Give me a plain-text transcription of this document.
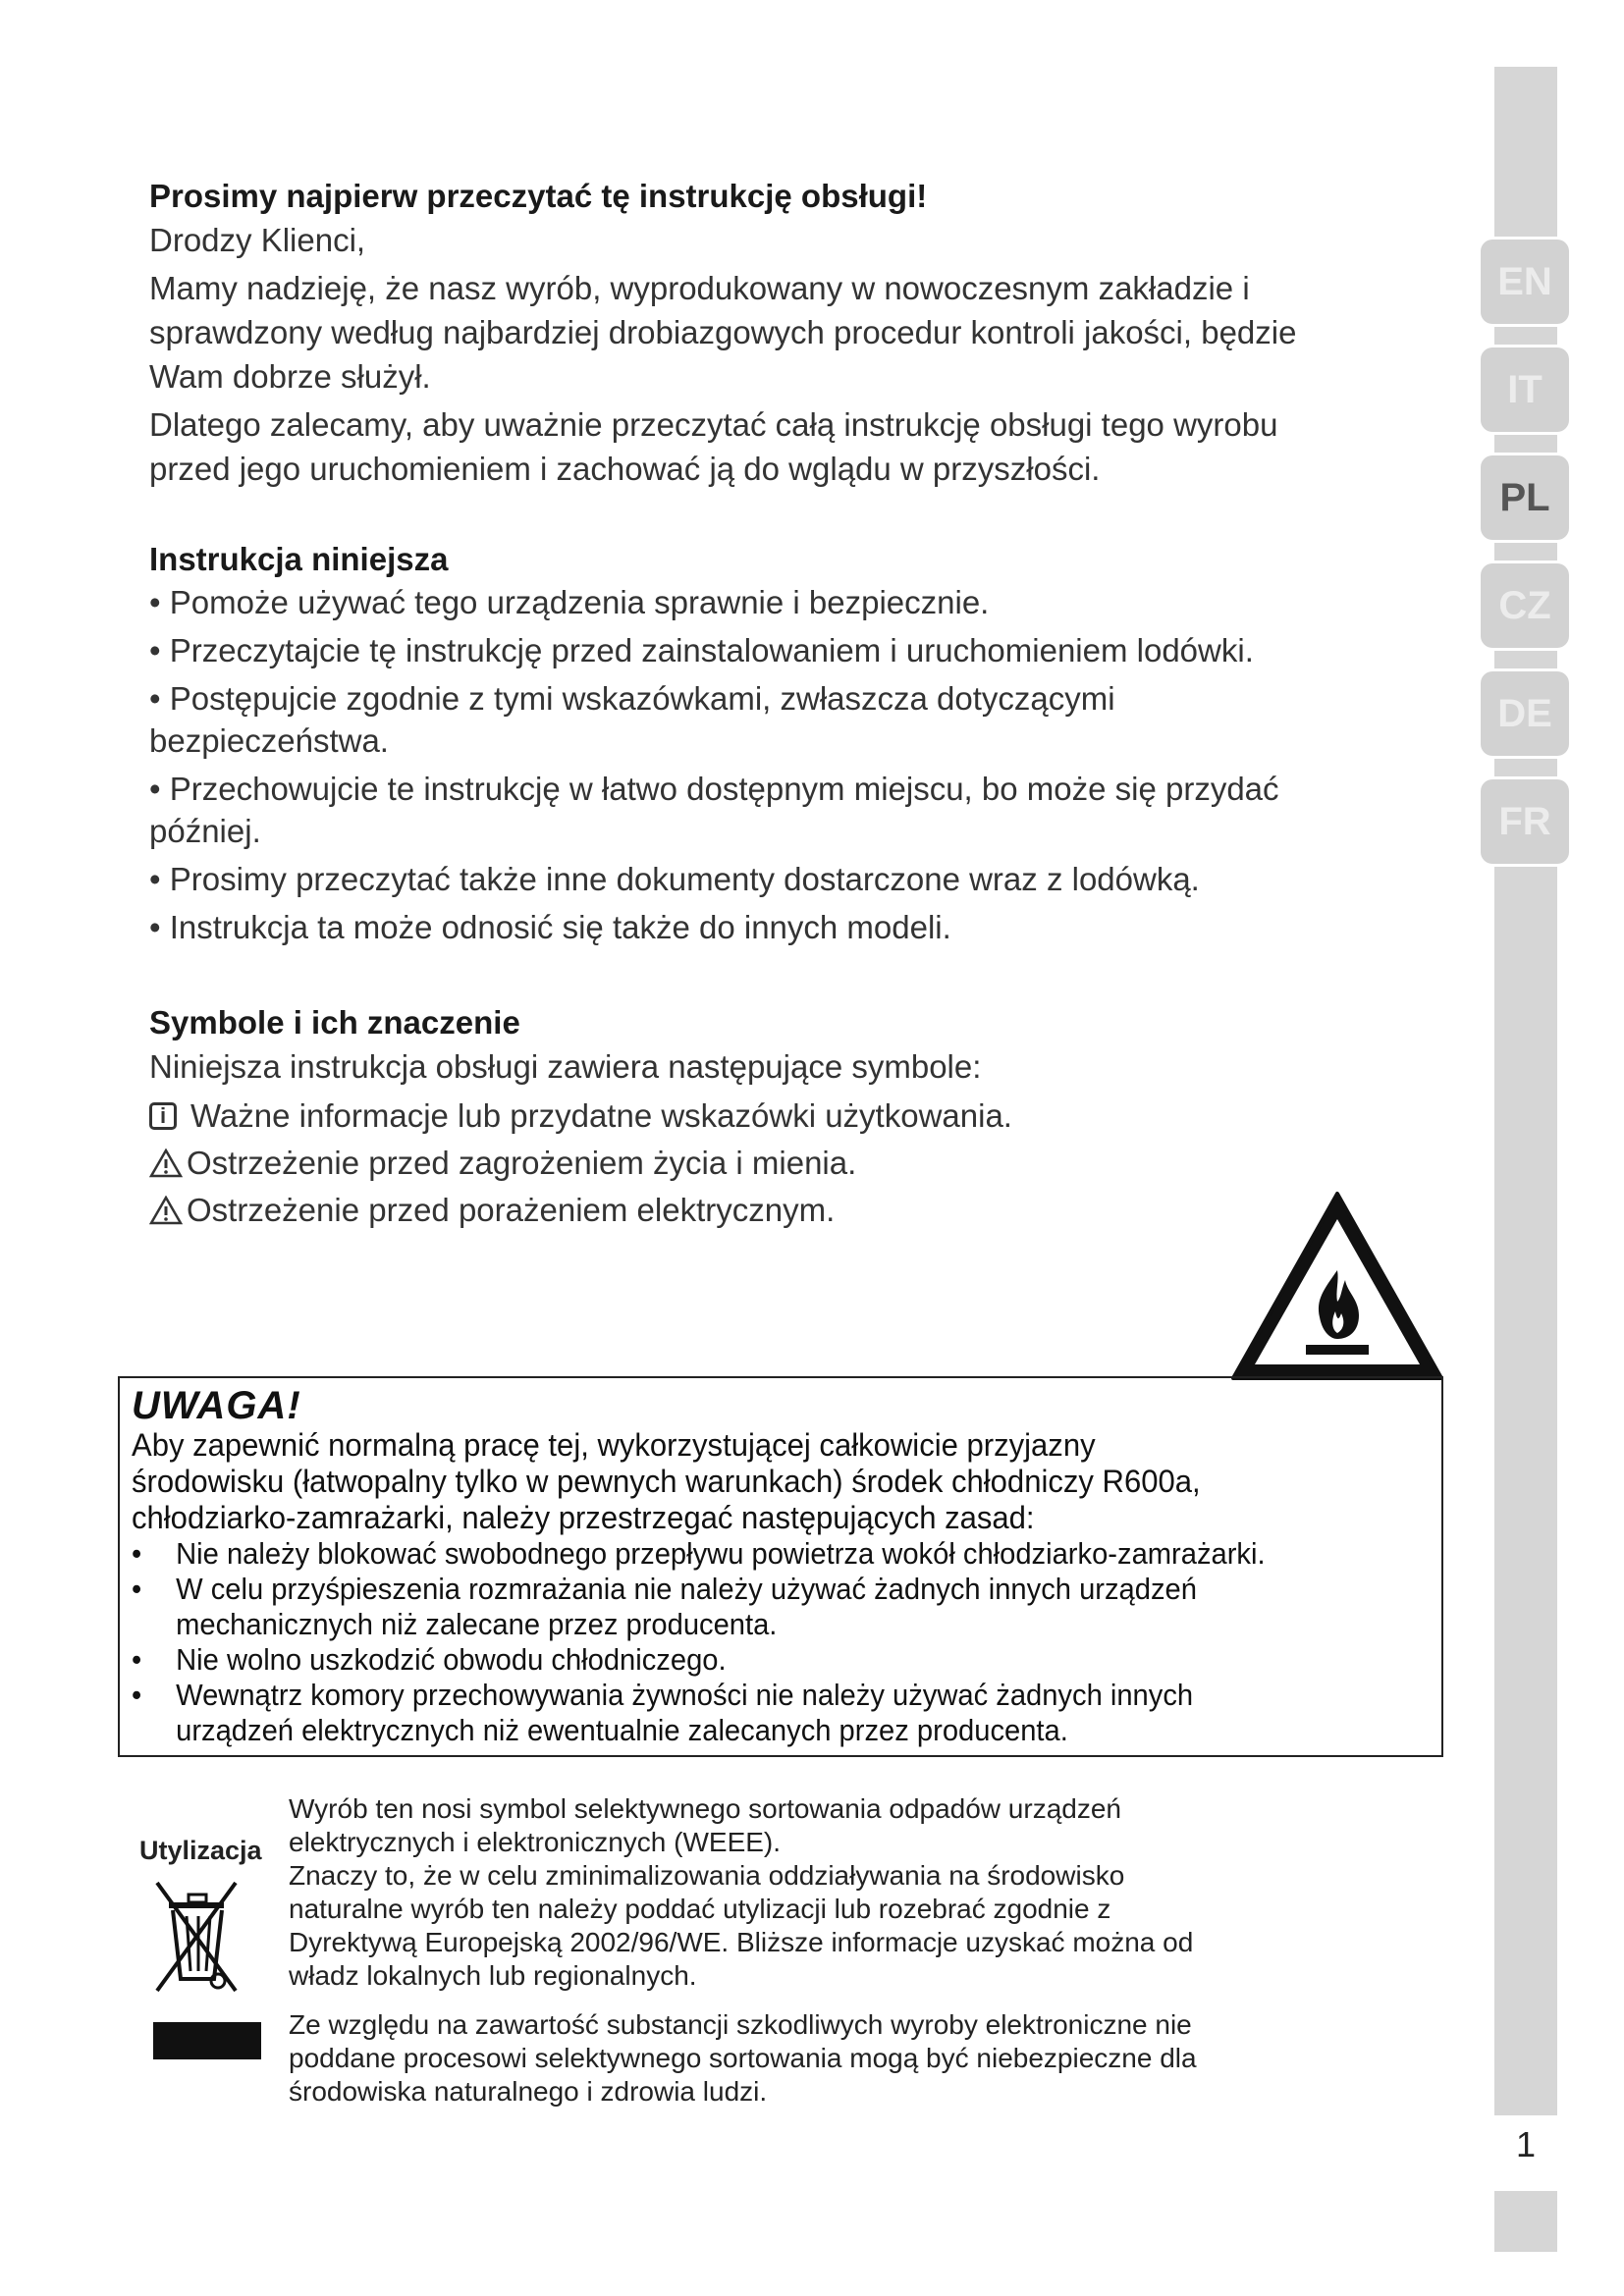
EN
IT
PL
CZ
DE
FR
1
Prosimy najpierw przeczytać tę instrukcję obsługi!

Drodzy Klienci,

Mamy nadzieję, że nasz wyrób, wyprodukowany w nowoczesnym zakładzie i

sprawdzony według najbardziej drobiazgowych procedur kontroli jakości, będzie

Wam dobrze służył.

Dlatego zalecamy, aby uważnie przeczytać całą instrukcję obsługi tego wyrobu

przed jego uruchomieniem i zachować ją do wglądu w przyszłości.

Instrukcja niniejsza
• Pomoże używać tego urządzenia sprawnie i bezpiecznie.
• Przeczytajcie tę instrukcję przed zainstalowaniem i uruchomieniem lodówki.
• Postępujcie zgodnie z tymi wskazówkami, zwłaszcza dotyczącymi
bezpieczeństwa.
• Przechowujcie te instrukcję w łatwo dostępnym miejscu, bo może się przydać
później.
• Prosimy przeczytać także inne dokumenty dostarczone wraz z lodówką.
• Instrukcja ta może odnosić się także do innych modeli.
Symbole i ich znaczenie

Niniejsza instrukcja obsługi zawiera następujące symbole:

i Ważne informacje lub przydatne wskazówki użytkowania.
Ostrzeżenie przed zagrożeniem życia i mienia.
Ostrzeżenie przed porażeniem elektrycznym.
UWAGA!
Aby zapewnić normalną pracę tej, wykorzystującej całkowicie przyjazny
środowisku (łatwopalny tylko w pewnych warunkach) środek chłodniczy R600a,
chłodziarko-zamrażarki, należy przestrzegać następujących zasad:
• Nie należy blokować swobodnego przepływu powietrza wokół chłodziarko-zamrażarki.
• W celu przyśpieszenia rozmrażania nie należy używać żadnych innych urządzeń
mechanicznych niż zalecane przez producenta.
• Nie wolno uszkodzić obwodu chłodniczego.
• Wewnątrz komory przechowywania żywności nie należy używać żadnych innych
urządzeń elektrycznych niż ewentualnie zalecanych przez producenta.
Utylizacja

Wyrób ten nosi symbol selektywnego sortowania odpadów urządzeń

elektrycznych i elektronicznych (WEEE).

Znaczy to, że w celu zminimalizowania oddziaływania na środowisko

naturalne wyrób ten należy poddać utylizacji lub rozebrać zgodnie z

Dyrektywą Europejską 2002/96/WE. Bliższe informacje uzyskać można od

władz lokalnych lub regionalnych.

Ze względu na zawartość substancji szkodliwych wyroby elektroniczne nie

poddane procesowi selektywnego sortowania mogą być niebezpieczne dla

środowiska naturalnego i zdrowia ludzi.
